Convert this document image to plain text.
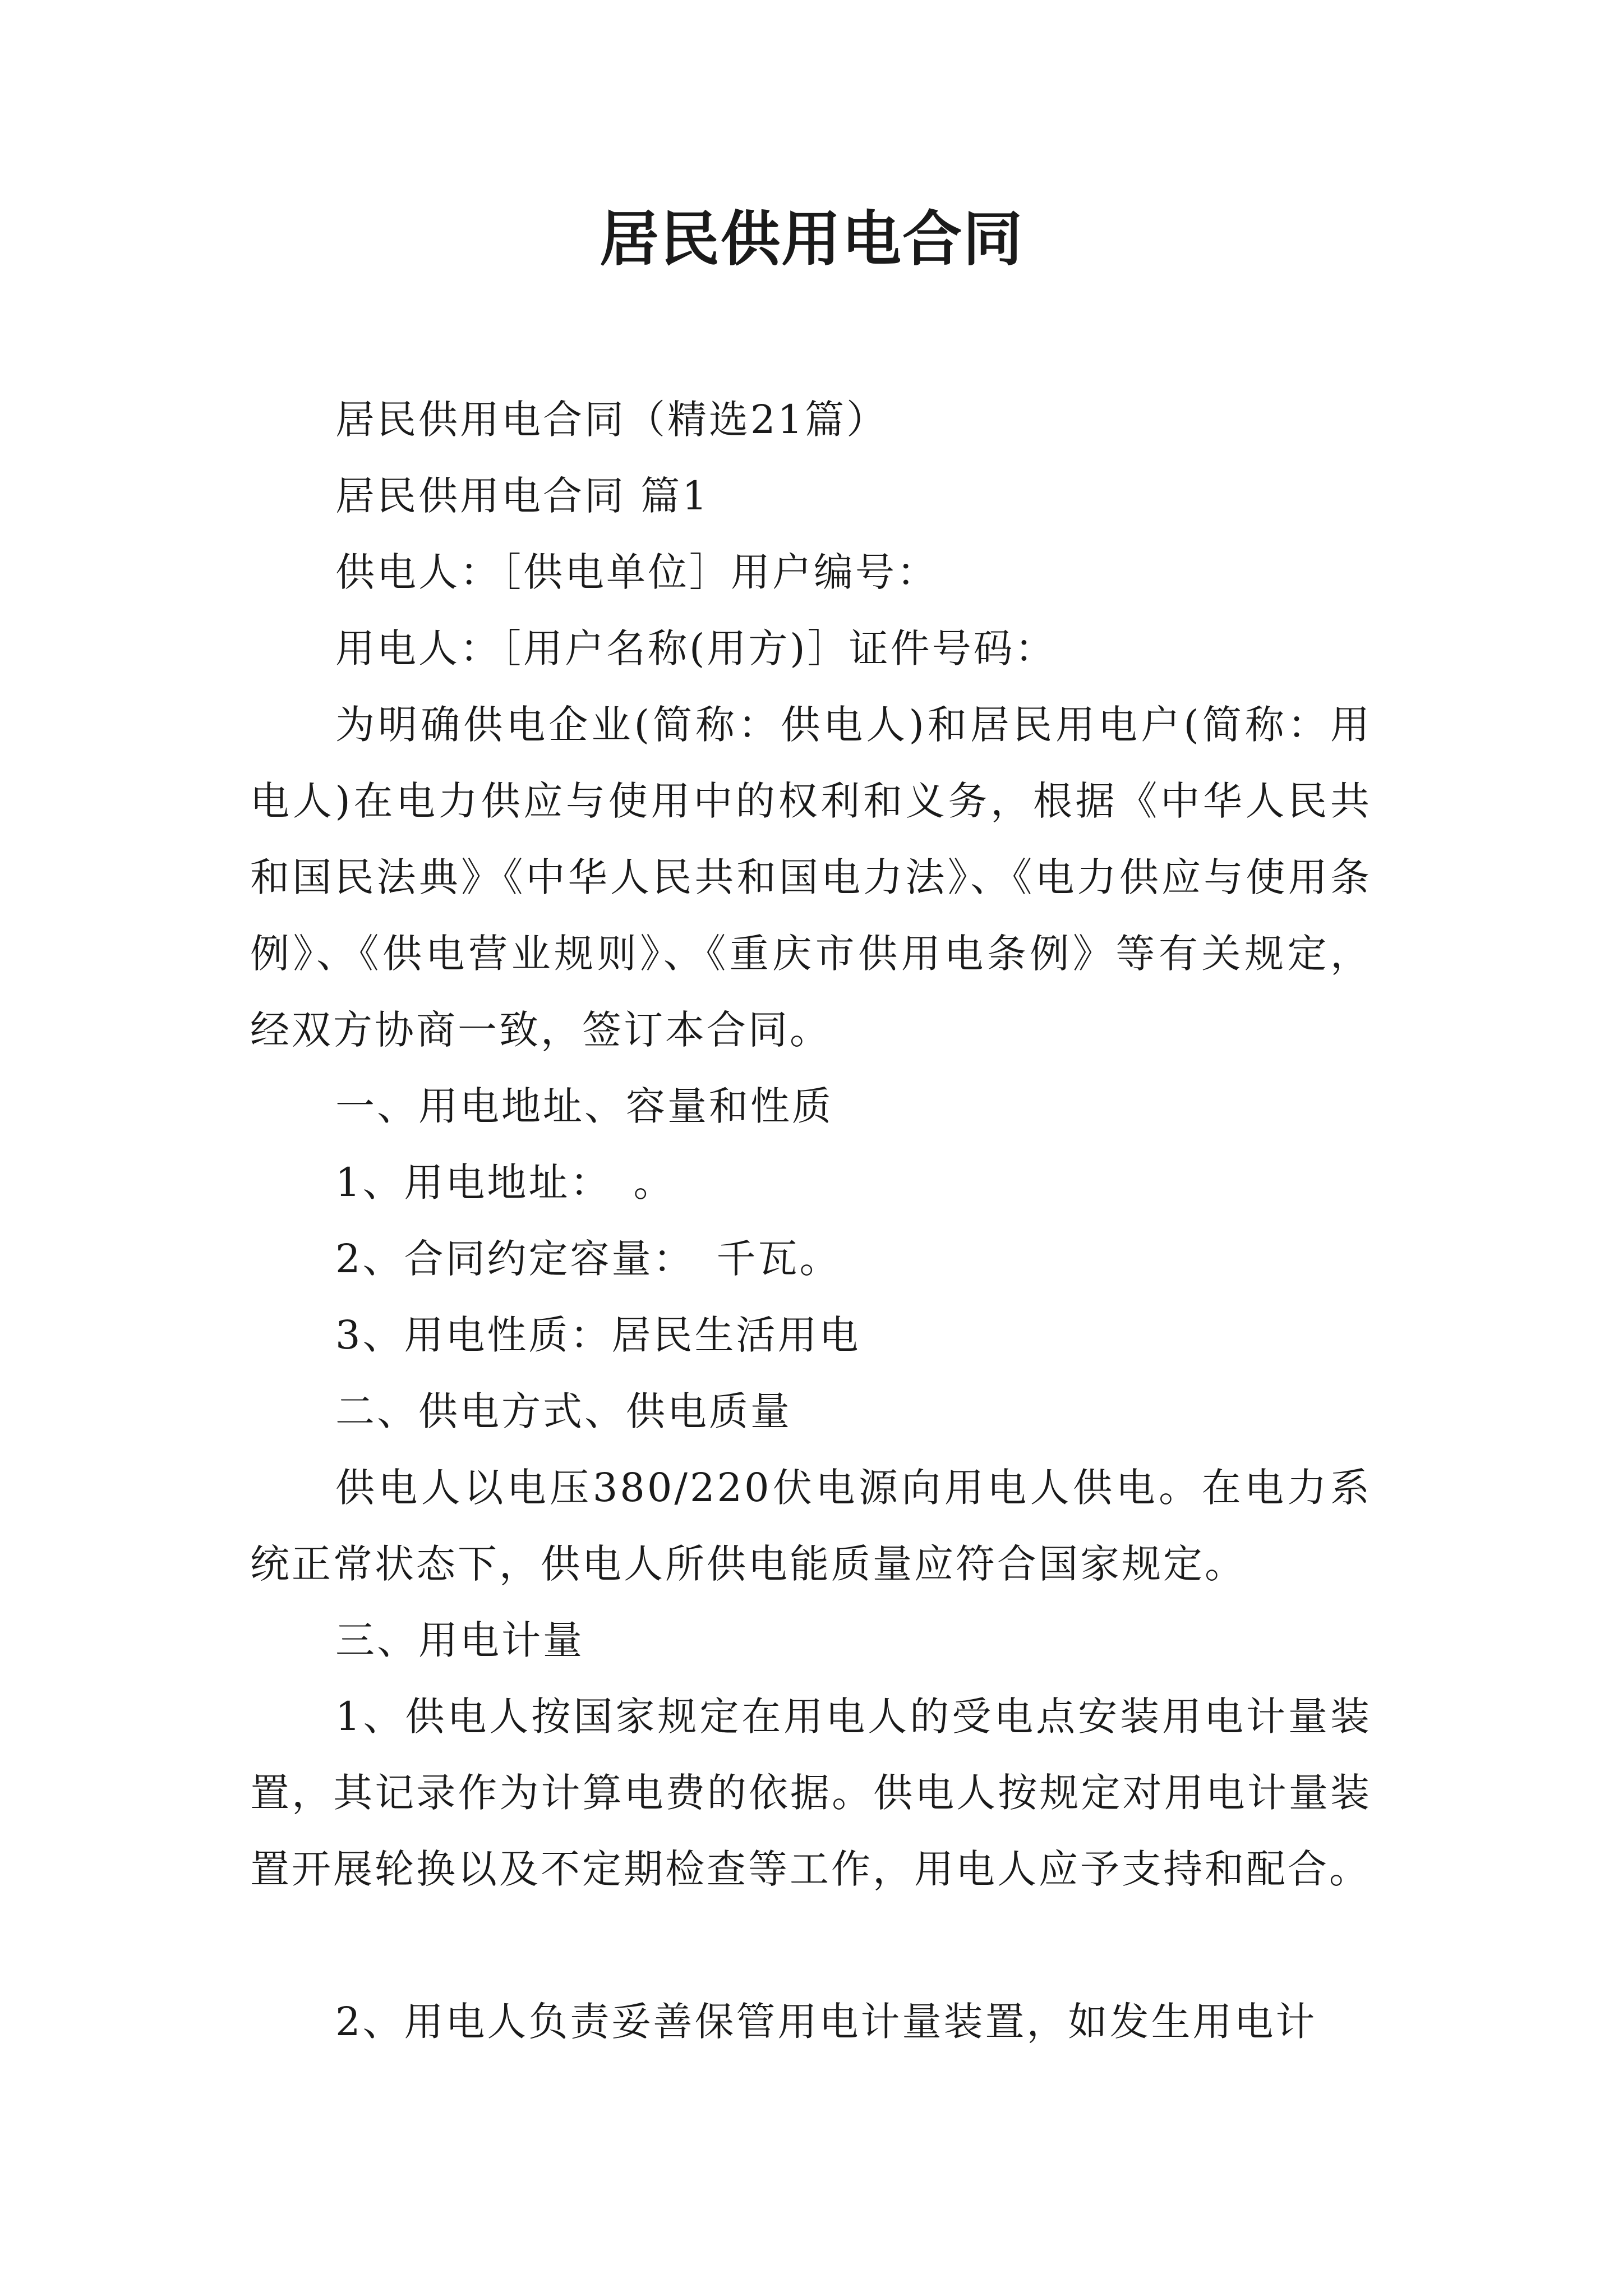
居民供用电合同

居民供用电合同（精选21篇）

居民供用电合同 篇1

供电人：［供电单位］用户编号：

用电人：［用户名称(用方)］证件号码：

为明确供电企业(简称：供电人)和居民用电户(简称：用电人)在电力供应与使用中的权利和义务，根据《中华人民共和国民法典》《中华人民共和国电力法》、《电力供应与使用条例》、《供电营业规则》、《重庆市供用电条例》等有关规定，经双方协商一致，签订本合同。

一、用电地址、容量和性质

1、用电地址：　。

2、合同约定容量：　千瓦。

3、用电性质：居民生活用电

二、供电方式、供电质量

供电人以电压380/220伏电源向用电人供电。在电力系统正常状态下，供电人所供电能质量应符合国家规定。

三、用电计量

1、供电人按国家规定在用电人的受电点安装用电计量装置，其记录作为计算电费的依据。供电人按规定对用电计量装置开展轮换以及不定期检查等工作，用电人应予支持和配合。

2、用电人负责妥善保管用电计量装置，如发生用电计
